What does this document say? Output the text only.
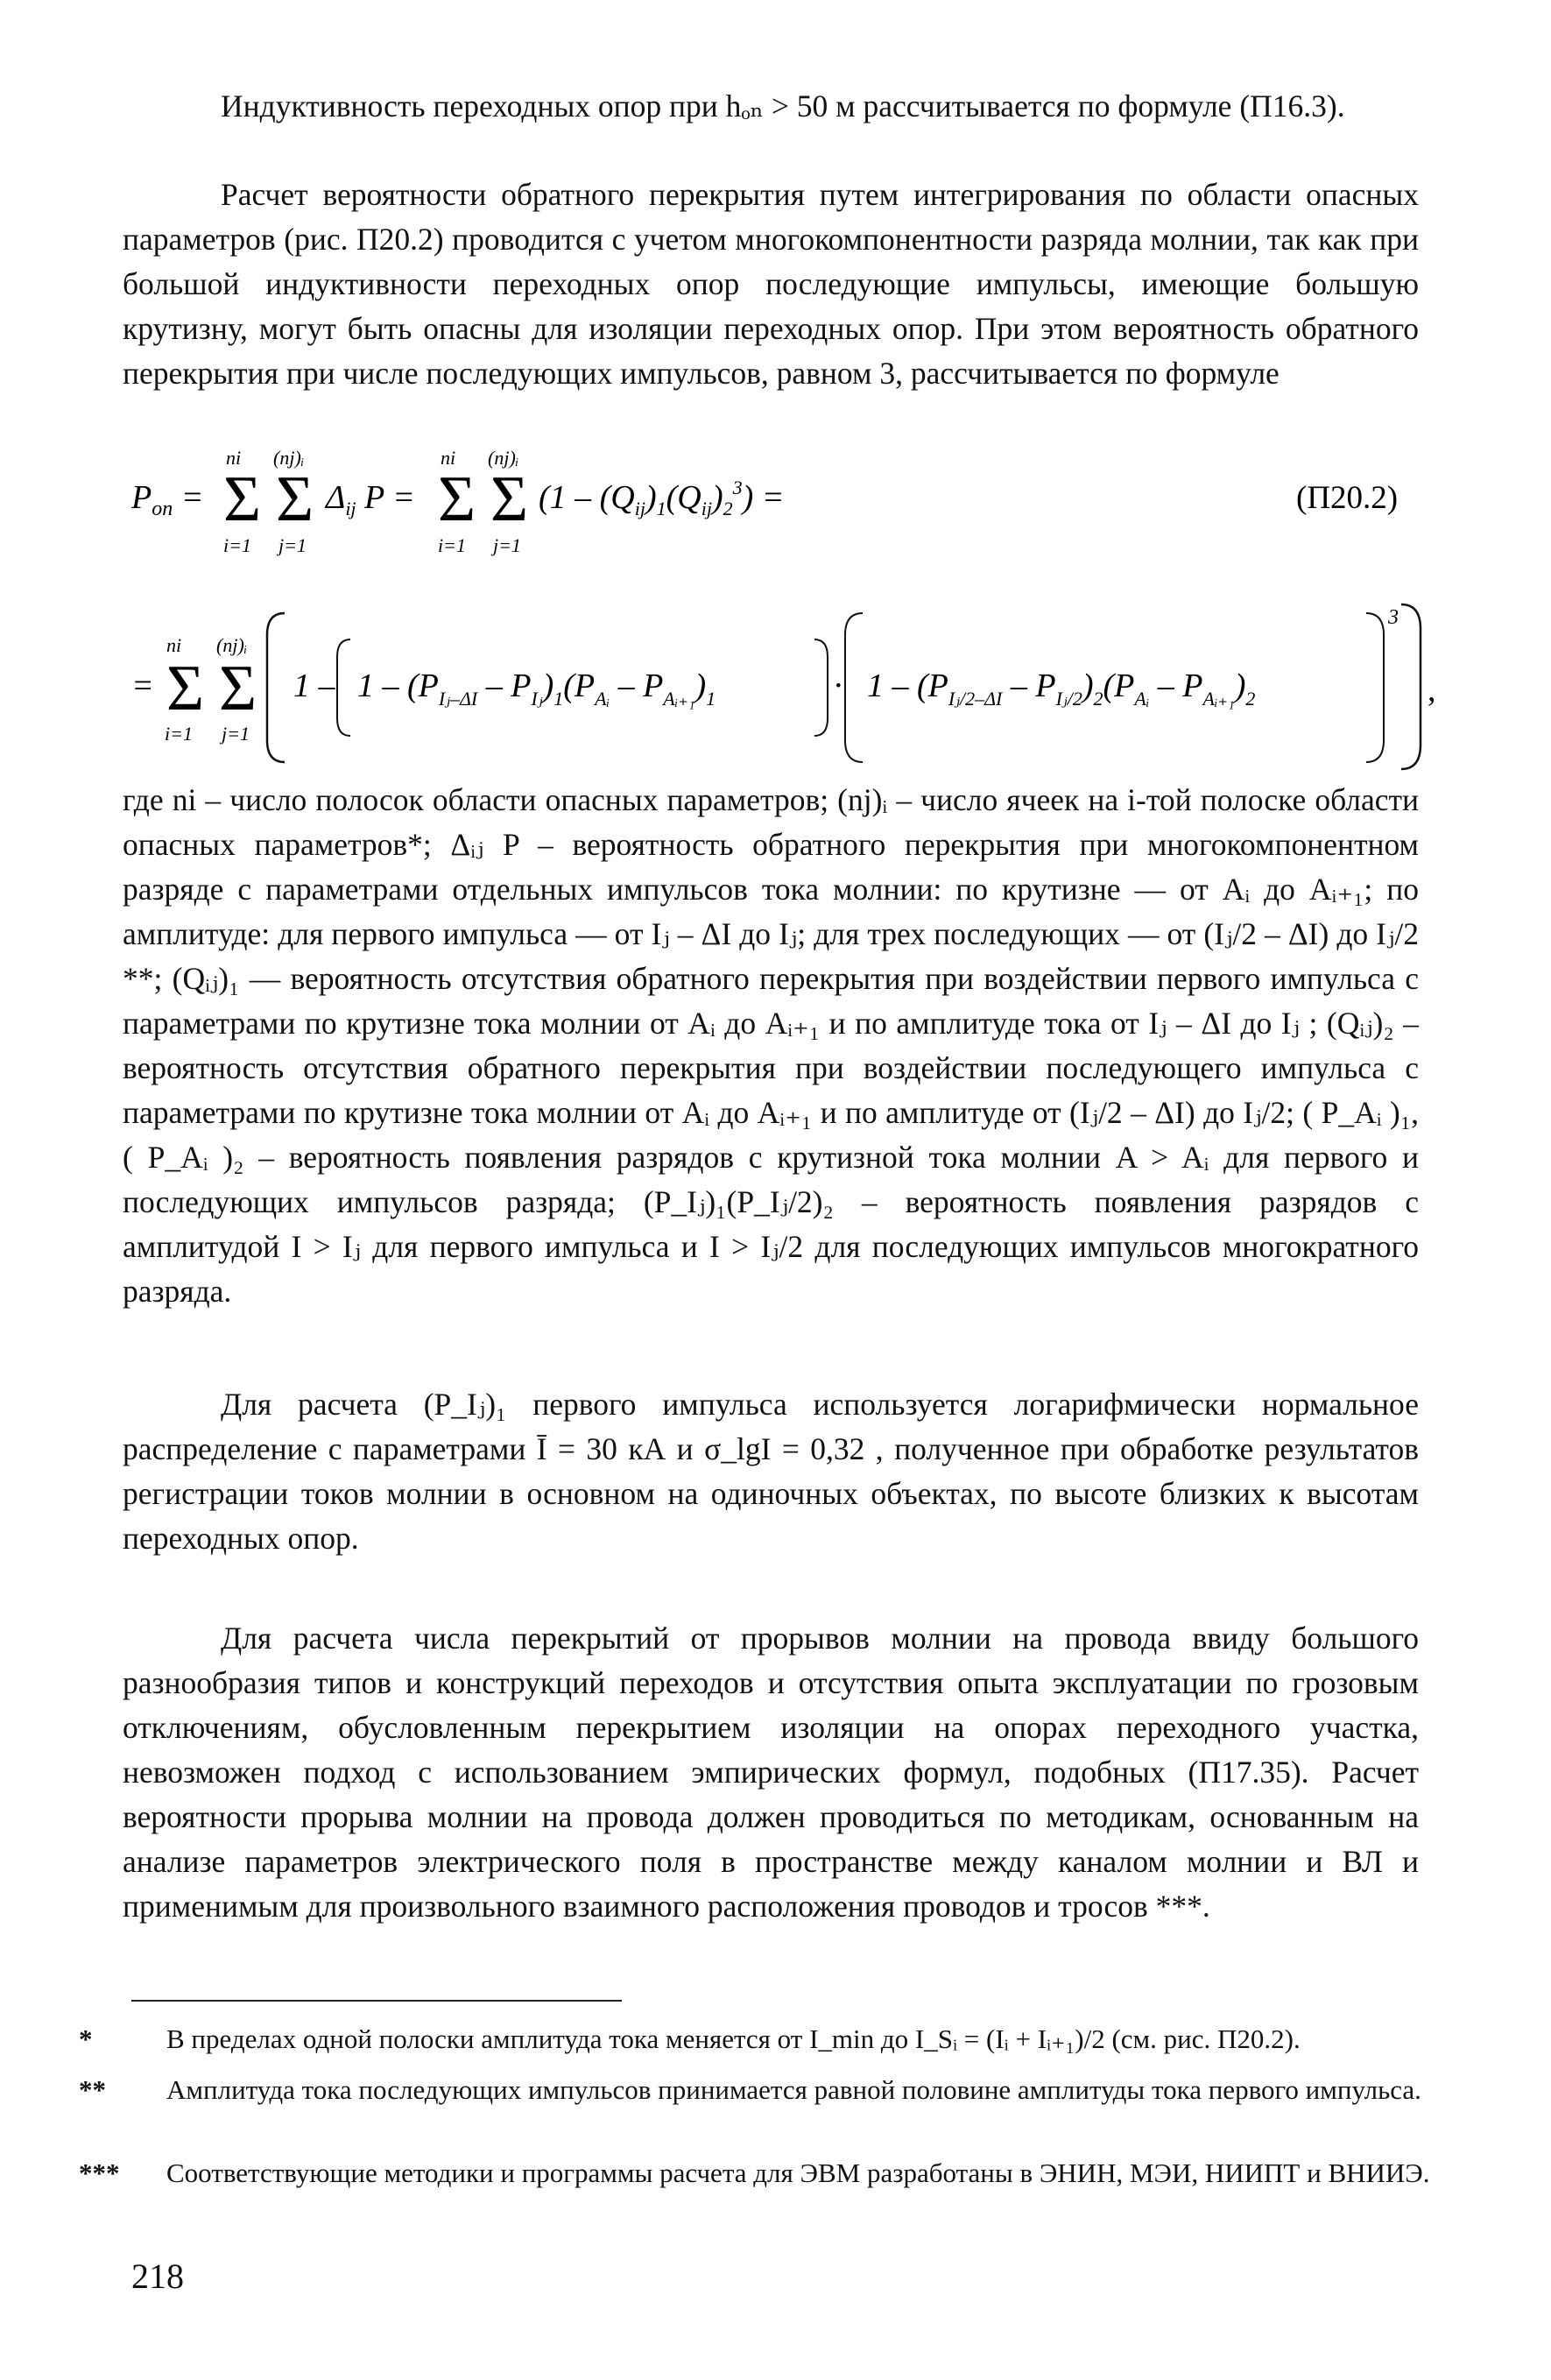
Индуктивность переходных опор при hₒₙ > 50 м рассчитывается по формуле (П16.3).

Расчет вероятности обратного перекрытия путем интегрирования по области опасных параметров (рис. П20.2) проводится с учетом многокомпонентности разряда молнии, так как при большой индуктивности переходных опор последующие импульсы, имеющие большую крутизну, могут быть опасны для изоляции переходных опор. При этом вероятность обратного перекрытия при числе последующих импульсов, равном 3, рассчитывается по формуле

$P_{оп} = \Sigma$
ni
i=1
Σ
(nj)ᵢ
j=1
$\Delta_{ij}$ P = Σ
ni
i=1
Σ
(nj)ᵢ
j=1
$(1 - (Q_{ij})_1(Q_{ij})_2^3)$ =	(П20.2)
= Σ
ni
i=1
Σ
(nj)ᵢ
j=1
$1 - 1 - (P_{Iⱼ-\Delta I} - P_{Iⱼ})_1(P_{Aᵢ} - P_{Aᵢ_{+1}})_1$	· $1 - (P_{Iⱼ/2-\Delta I} - P_{Iⱼ/2})_2(P_{Aᵢ} - P_{Aᵢ_{+1}})_2$
3
,

где ni – число полосок области опасных параметров; (nj)ᵢ – число ячеек на i-той полоске области опасных параметров*; Δᵢⱼ P – вероятность обратного перекрытия при многокомпонентном разряде с параметрами отдельных импульсов тока молнии: по крутизне — от Aᵢ до Aᵢ₊₁; по амплитуде: для первого импульса — от Iⱼ – ΔI до Iⱼ; для трех последующих — от (Iⱼ/2 – ΔI) до Iⱼ/2 **; (Qᵢⱼ)₁ — вероятность отсутствия обратного перекрытия при воздействии первого импульса с параметрами по крутизне тока молнии от Aᵢ до Aᵢ₊₁ и по амплитуде тока от Iⱼ – ΔI до Iⱼ ; (Qᵢⱼ)₂ – вероятность отсутствия обратного перекрытия при воздействии последующего импульса с параметрами по крутизне тока молнии от Aᵢ до Aᵢ₊₁ и по амплитуде от (Iⱼ/2 – ΔI) до Iⱼ/2; ( P_Aᵢ )₁, ( P_Aᵢ )₂ – вероятность появления разрядов с крутизной тока молнии A > Aᵢ для первого и последующих импульсов разряда; (P_Iⱼ)₁(P_Iⱼ/2)₂ – вероятность появления разрядов с амплитудой I > Iⱼ для первого импульса и I > Iⱼ/2 для последующих импульсов многократного разряда.

Для расчета (P_Iⱼ)₁ первого импульса используется логарифмически нормальное распределение с параметрами Ī = 30 кА и σ_lgI = 0,32 , полученное при обработке результатов регистрации токов молнии в основном на одиночных объектах, по высоте близких к высотам переходных опор.

Для расчета числа перекрытий от прорывов молнии на провода ввиду большого разнообразия типов и конструкций переходов и отсутствия опыта эксплуатации по грозовым отключениям, обусловленным перекрытием изоляции на опорах переходного участка, невозможен подход с использованием эмпирических формул, подобных (П17.35). Расчет вероятности прорыва молнии на провода должен проводиться по методикам, основанным на анализе параметров электрического поля в пространстве между каналом молнии и ВЛ и применимым для произвольного взаимного расположения проводов и тросов ***.

*	В пределах одной полоски амплитуда тока меняется от I_min до I_Sᵢ = (Iᵢ + Iᵢ₊₁)/2 (см. рис. П20.2).
** Амплитуда тока последующих импульсов принимается равной половине амплитуды тока первого импульса.
*** Соответствующие методики и программы расчета для ЭВМ разработаны в ЭНИН, МЭИ, НИИПТ и ВНИИЭ.
218
